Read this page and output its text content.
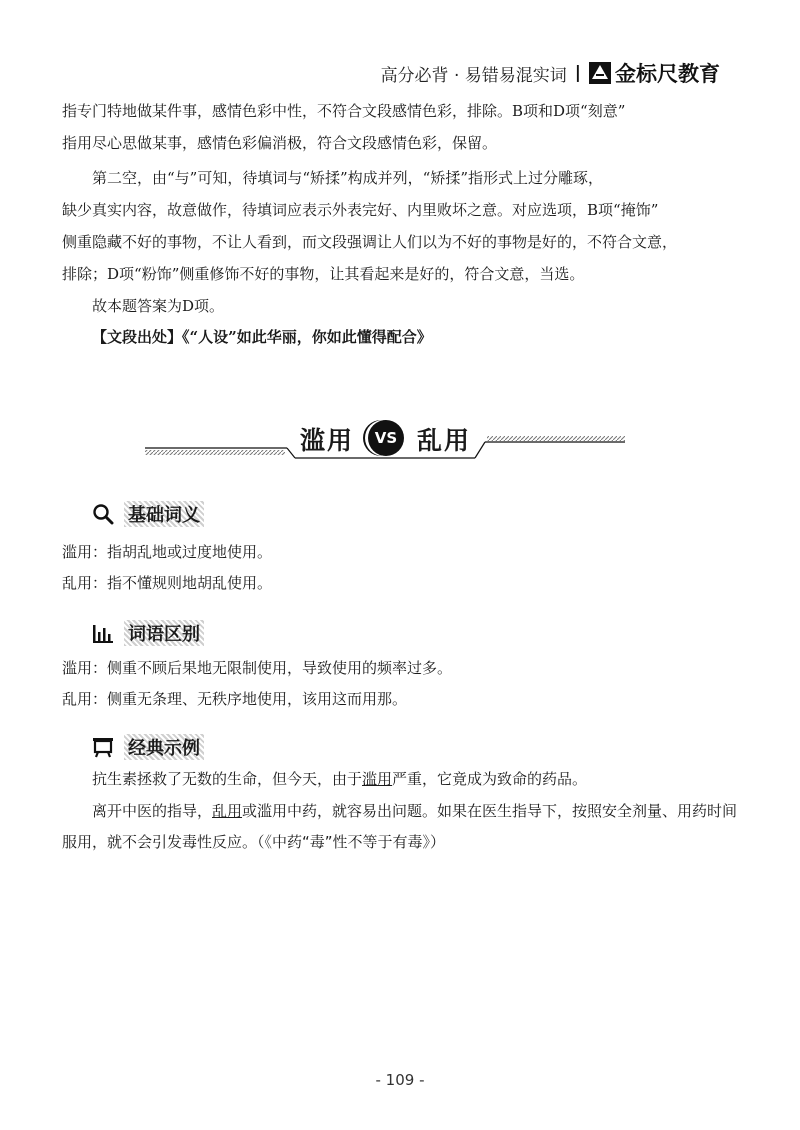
高分必背 · 易错易混实词 | 金标尺教育

指专门特地做某件事，感情色彩中性，不符合文段感情色彩，排除。B项和D项“刻意”

指用尽心思做某事，感情色彩偏消极，符合文段感情色彩，保留。

第二空，由“与”可知，待填词与“矫揉”构成并列，“矫揉”指形式上过分雕琢，

缺少真实内容，故意做作，待填词应表示外表完好、内里败坏之意。对应选项，B项“掩饰”

侧重隐藏不好的事物，不让人看到，而文段强调让人们以为不好的事物是好的，不符合文意，

排除；D项“粉饰”侧重修饰不好的事物，让其看起来是好的，符合文意，当选。

故本题答案为D项。

【文段出处】《“人设”如此华丽，你如此懂得配合》

滥用	VS 乱用
基础词义
滥用：指胡乱地或过度地使用。
乱用：指不懂规则地胡乱使用。
词语区别
滥用：侧重不顾后果地无限制使用，导致使用的频率过多。
乱用：侧重无条理、无秩序地使用，该用这而用那。
经典示例

抗生素拯救了无数的生命，但今天，由于滥用严重，它竟成为致命的药品。

离开中医的指导，乱用或滥用中药，就容易出问题。如果在医生指导下，按照安全剂量、用药时间服用，就不会引发毒性反应。（《中药“毒”性不等于有毒》）

- 109 -
